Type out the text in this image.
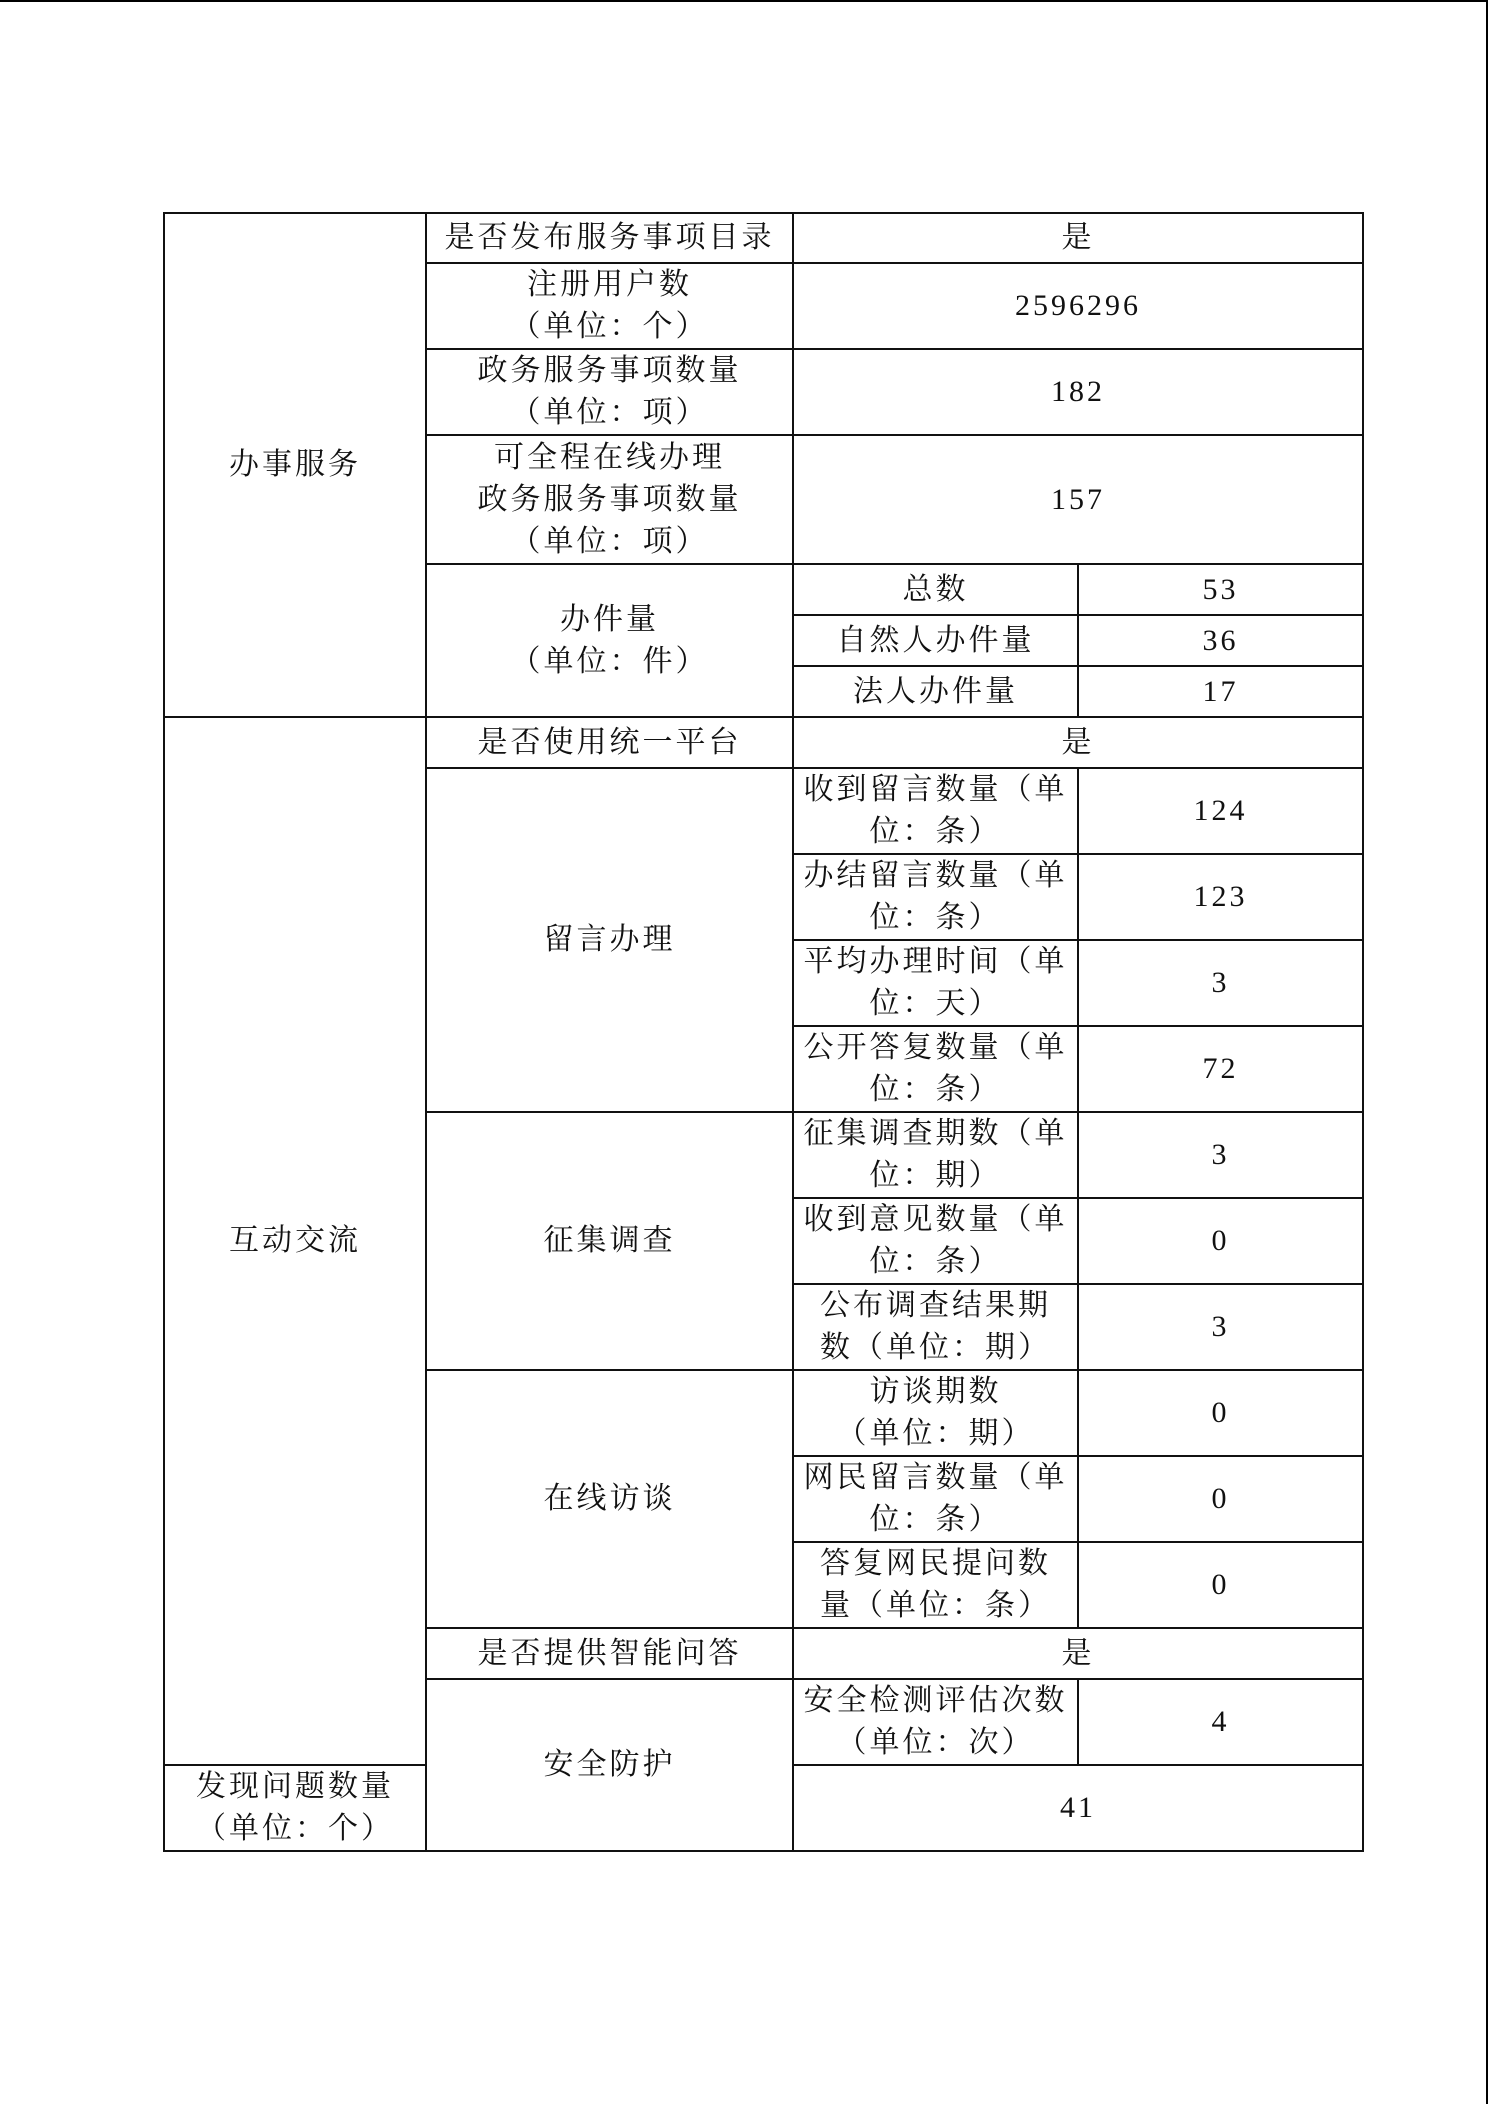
办事服务	是否发布服务事项目录	是	

	注册用户数
（单位：个）	2596296	

	政务服务事项数量
（单位：项）	182	

	可全程在线办理
政务服务事项数量
（单位：项）	157	

	办件量
（单位：件）	总数	53
		自然人办件量	36
		法人办件量	17
互动交流	是否使用统一平台	是	
	留言办理	收到留言数量（单
位：条）	124

		办结留言数量（单
位：条）	123

		平均办理时间（单
位：天）	3

		公开答复数量（单
位：条）	72
	征集调查	征集调查期数（单
位：期）	3

		收到意见数量（单
位：条）	0

		公布调查结果期
数（单位：期）	3
	在线访谈	访谈期数
（单位：期）	0

		网民留言数量（单
位：条）	0

		答复网民提问数
量（单位：条）	0
	是否提供智能问答	是	
	安全防护	安全检测评估次数
（单位：次）	4

发现问题数量
（单位：个）		41	
